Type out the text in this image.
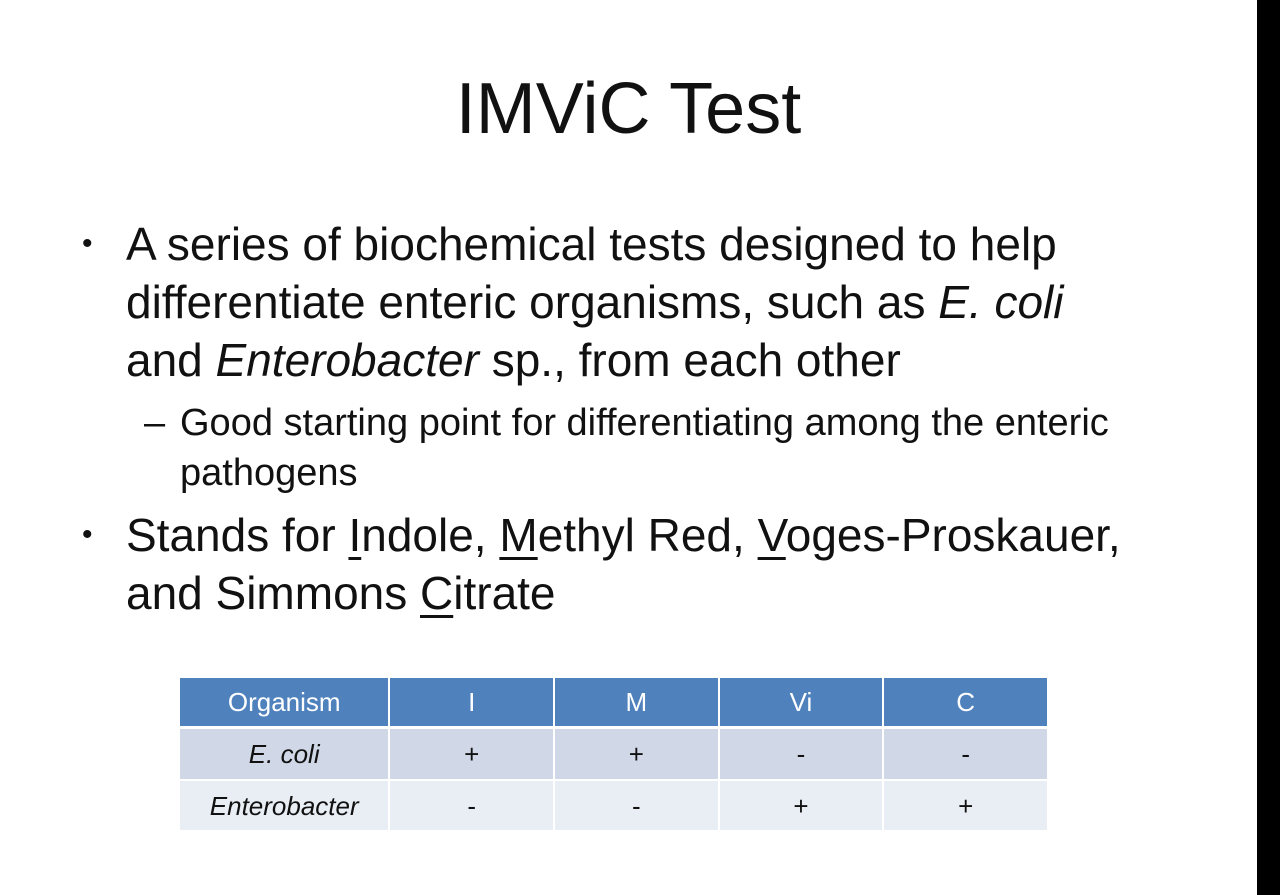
IMViC Test
• A series of biochemical tests designed to help differentiate enteric organisms, such as E. coli
and Enterobacter sp., from each other
– Good starting point for differentiating among the enteric pathogens
• Stands for Indole, Methyl Red, Voges-Proskauer, and Simmons Citrate
Organism	I	M	Vi	C
E. coli	+	+	-	-
Enterobacter	-	-	+	+
